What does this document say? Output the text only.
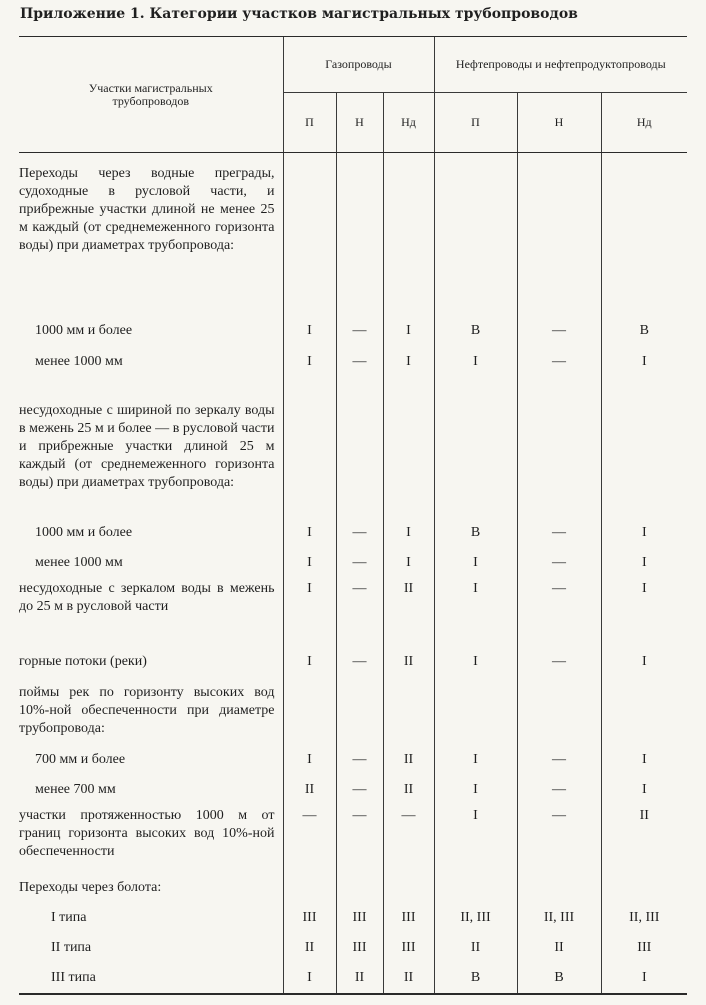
Приложение 1. Категории участков магистральных трубопроводов
Участки магистральных трубопроводов	Газопроводы			Нефтепроводы и нефтепродуктопроводы		
	П	Н	Нд	П	Н	Нд
Переходы через водные преграды, судоходные в русловой части, и прибрежные участки длиной не менее 25 м каждый (от среднемеженного горизонта воды) при диаметрах трубопровода:						
1000 мм и более	I	—	I	В	—	В
менее 1000 мм	I	—	I	I	—	I
несудоходные с шириной по зеркалу воды в межень 25 м и более — в русловой части и прибрежные участки длиной 25 м каждый (от среднемеженного горизонта воды) при диаметрах трубопровода:						
1000 мм и более	I	—	I	В	—	I
менее 1000 мм	I	—	I	I	—	I
несудоходные с зеркалом воды в межень до 25 м в русловой части	I	—	II	I	—	I
горные потоки (реки)	I	—	II	I	—	I
поймы рек по горизонту высоких вод 10%-ной обеспеченности при диаметре трубопровода:						
700 мм и более	I	—	II	I	—	I
менее 700 мм	II	—	II	I	—	I
участки протяженностью 1000 м от границ горизонта высоких вод 10%-ной обеспеченности	—	—	—	I	—	II
Переходы через болота:						
I типа	III	III	III	II, III	II, III	II, III
II типа	II	III	III	II	II	III
III типа	I	II	II	В	В	I
